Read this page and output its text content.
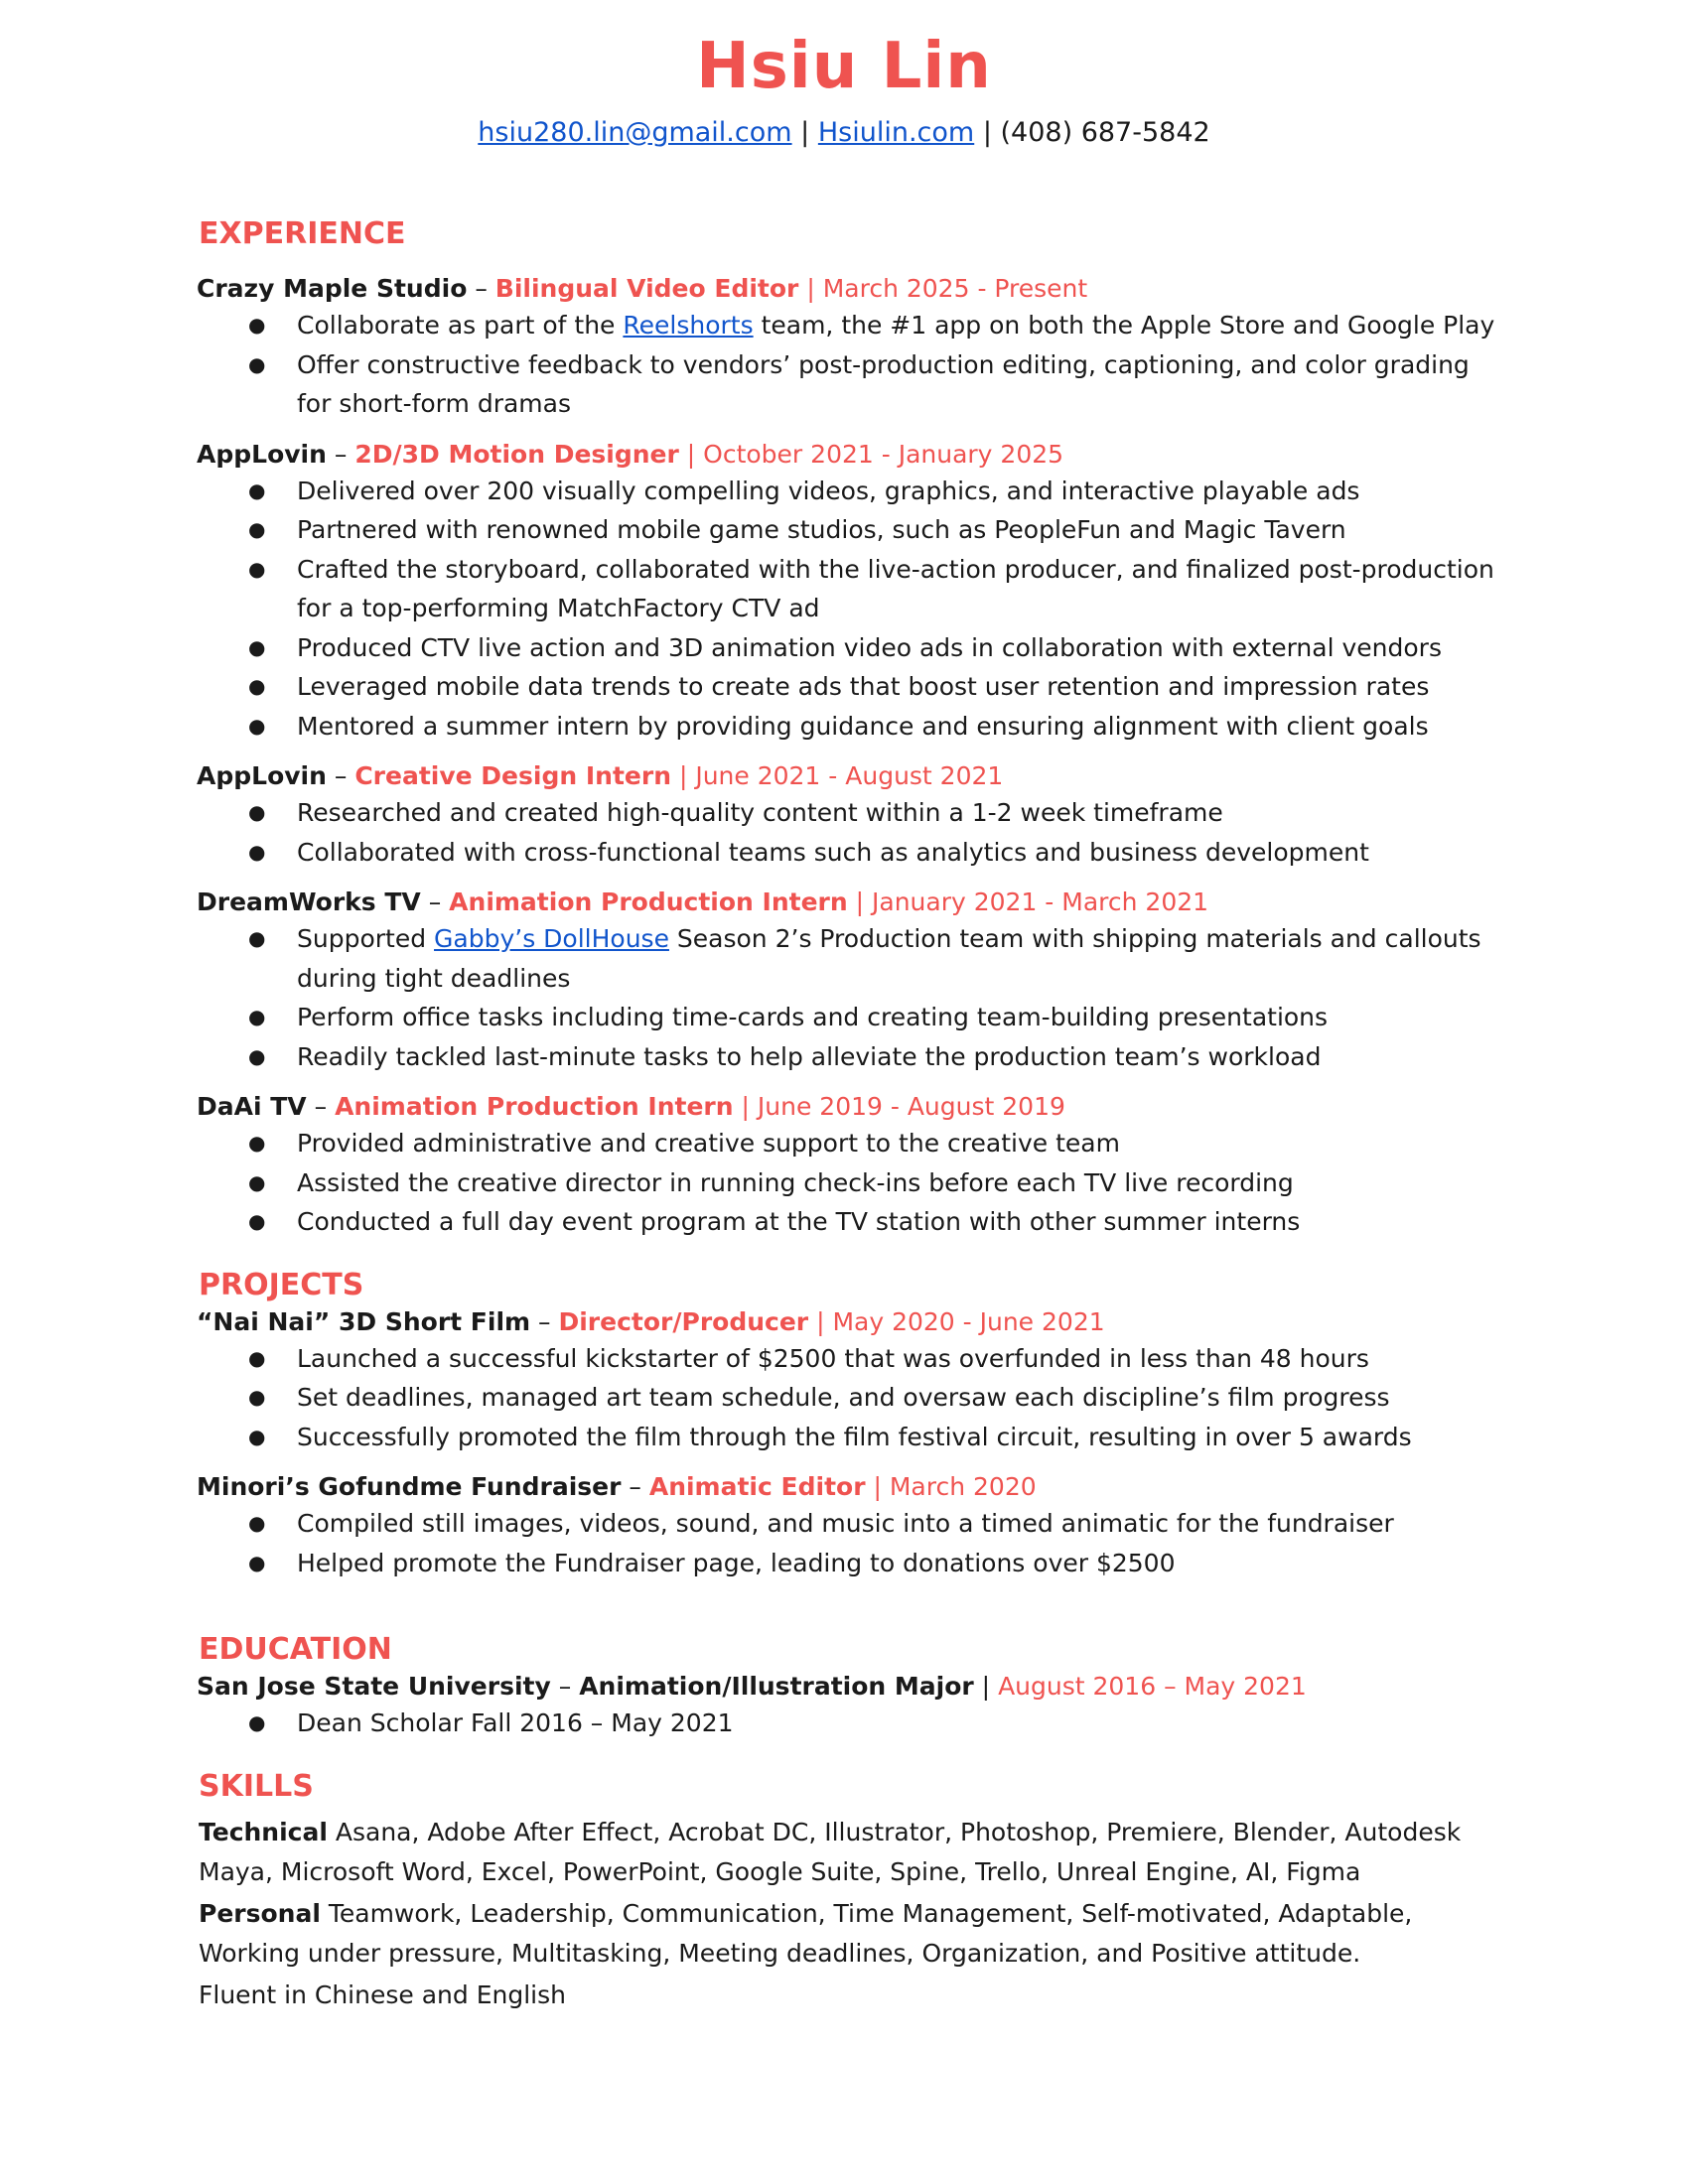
Hsiu Lin
hsiu280.lin@gmail.com | Hsiulin.com | (408) 687-5842
EXPERIENCE
Crazy Maple Studio – Bilingual Video Editor | March 2025 - Present
● Collaborate as part of the Reelshorts team, the #1 app on both the Apple Store and Google Play
● Offer constructive feedback to vendors’ post-production editing, captioning, and color grading for short-form dramas
AppLovin – 2D/3D Motion Designer | October 2021 - January 2025
● Delivered over 200 visually compelling videos, graphics, and interactive playable ads
● Partnered with renowned mobile game studios, such as PeopleFun and Magic Tavern
● Crafted the storyboard, collaborated with the live-action producer, and finalized post-production for a top-performing MatchFactory CTV ad
● Produced CTV live action and 3D animation video ads in collaboration with external vendors
● Leveraged mobile data trends to create ads that boost user retention and impression rates
● Mentored a summer intern by providing guidance and ensuring alignment with client goals
AppLovin – Creative Design Intern | June 2021 - August 2021
● Researched and created high-quality content within a 1-2 week timeframe
● Collaborated with cross-functional teams such as analytics and business development
DreamWorks TV – Animation Production Intern | January 2021 - March 2021
● Supported Gabby’s DollHouse Season 2’s Production team with shipping materials and callouts during tight deadlines
● Perform office tasks including time-cards and creating team-building presentations
● Readily tackled last-minute tasks to help alleviate the production team’s workload
DaAi TV – Animation Production Intern | June 2019 - August 2019
● Provided administrative and creative support to the creative team
● Assisted the creative director in running check-ins before each TV live recording
● Conducted a full day event program at the TV station with other summer interns
PROJECTS
“Nai Nai” 3D Short Film – Director/Producer | May 2020 - June 2021
● Launched a successful kickstarter of $2500 that was overfunded in less than 48 hours
● Set deadlines, managed art team schedule, and oversaw each discipline’s film progress
● Successfully promoted the film through the film festival circuit, resulting in over 5 awards
Minori’s Gofundme Fundraiser – Animatic Editor | March 2020
● Compiled still images, videos, sound, and music into a timed animatic for the fundraiser
● Helped promote the Fundraiser page, leading to donations over $2500
EDUCATION
San Jose State University – Animation/Illustration Major | August 2016 – May 2021
● Dean Scholar Fall 2016 – May 2021
SKILLS

Technical Asana, Adobe After Effect, Acrobat DC, Illustrator, Photoshop, Premiere, Blender, Autodesk Maya, Microsoft Word, Excel, PowerPoint, Google Suite, Spine, Trello, Unreal Engine, AI, Figma

Personal Teamwork, Leadership, Communication, Time Management, Self-motivated, Adaptable, Working under pressure, Multitasking, Meeting deadlines, Organization, and Positive attitude.

Fluent in Chinese and English
